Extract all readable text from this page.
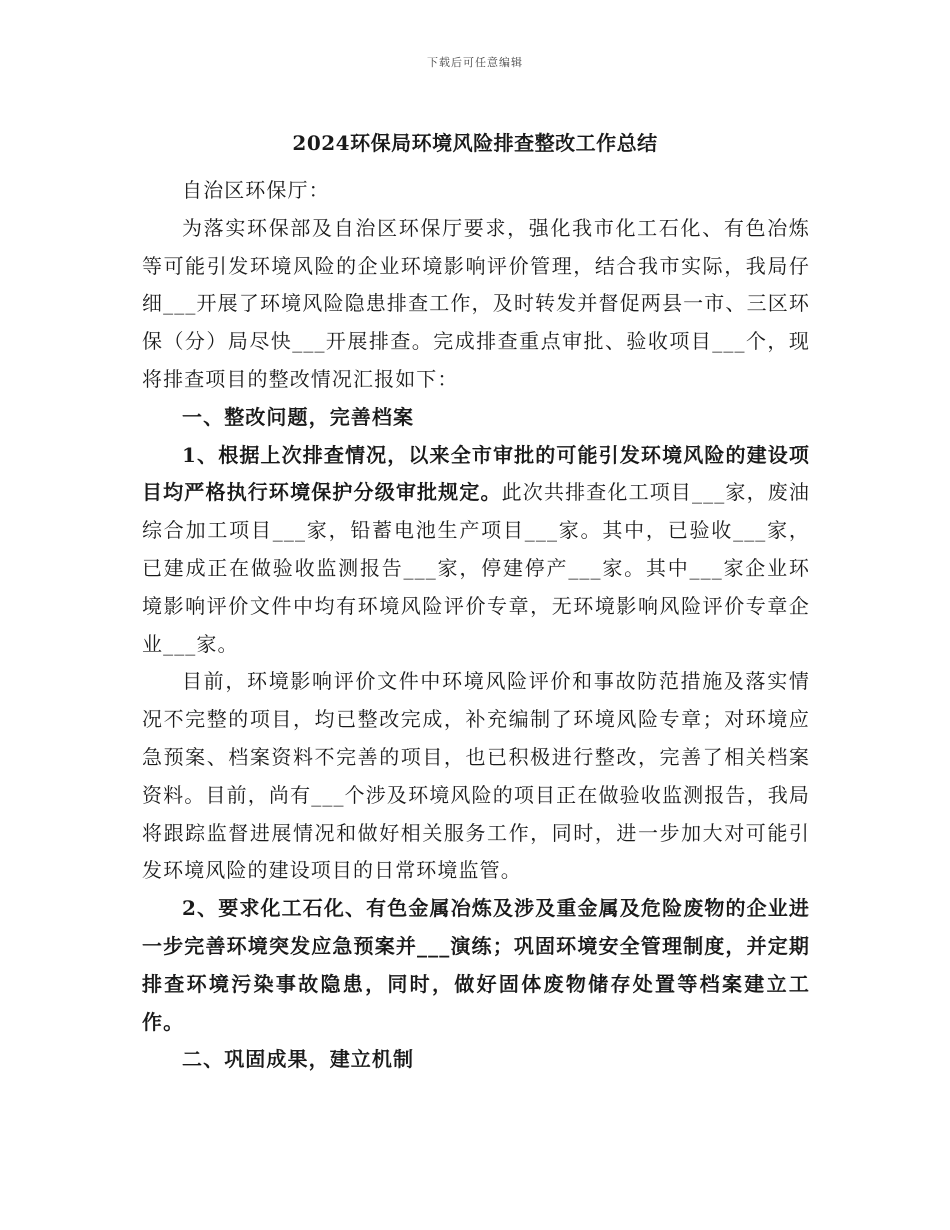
下载后可任意编辑
2024环保局环境风险排查整改工作总结

自治区环保厅：

为落实环保部及自治区环保厅要求，强化我市化工石化、有色冶炼等可能引发环境风险的企业环境影响评价管理，结合我市实际，我局仔细___开展了环境风险隐患排查工作，及时转发并督促两县一市、三区环保（分）局尽快___开展排查。完成排查重点审批、验收项目___个，现将排查项目的整改情况汇报如下：

一、整改问题，完善档案

1、根据上次排查情况，以来全市审批的可能引发环境风险的建设项目均严格执行环境保护分级审批规定。此次共排查化工项目___家，废油综合加工项目___家，铅蓄电池生产项目___家。其中，已验收___家，已建成正在做验收监测报告___家，停建停产___家。其中___家企业环境影响评价文件中均有环境风险评价专章，无环境影响风险评价专章企业___家。

目前，环境影响评价文件中环境风险评价和事故防范措施及落实情况不完整的项目，均已整改完成，补充编制了环境风险专章；对环境应急预案、档案资料不完善的项目，也已积极进行整改，完善了相关档案资料。目前，尚有___个涉及环境风险的项目正在做验收监测报告，我局将跟踪监督进展情况和做好相关服务工作，同时，进一步加大对可能引发环境风险的建设项目的日常环境监管。

2、要求化工石化、有色金属冶炼及涉及重金属及危险废物的企业进一步完善环境突发应急预案并___演练；巩固环境安全管理制度，并定期排查环境污染事故隐患，同时，做好固体废物储存处置等档案建立工作。

二、巩固成果，建立机制
